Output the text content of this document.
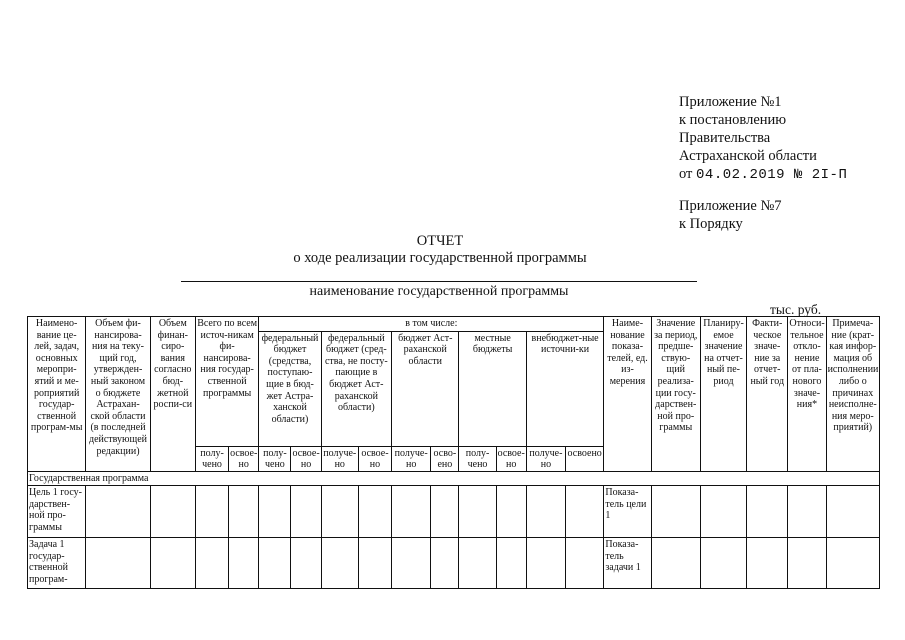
Приложение №1
к постановлению
Правительства
Астраханской области
от 04.02.2019 № 2I-П
Приложение №7
к Порядку
ОТЧЕТ
о ходе реализации государственной программы
наименование государственной программы
тыс. руб.
Наимено-вание це-лей, задач, основных меропри-ятий и ме-роприятий государ-ственной програм-мы	Объем фи-нансирова-ния на теку-щий год, утвержден-ный законом о бюджете Астрахан-ской области (в последней действующей редакции)	Объем финан-сиро-вания согласно бюд-жетной роспи-си	Всего по всем источ-никам фи-нансирова-ния государ-ственной программы		в том числе:										Наиме-нование показа-телей, ед. из-мерения	Значение за период, предше-ствую-щий реализа-ции госу-дарствен-ной про-граммы	Планиру-емое значение на отчет-ный пе-риод	Факти-ческое значе-ние за отчет-ный год	Относи-тельное откло-нение от пла-нового значе-ния*	Примеча-ние (крат-кая инфор-мация об исполнении либо о причинах неисполне-ния меро-приятий)
					федеральный бюджет (средства, поступаю-щие в бюд-жет Астра-ханской области)		федеральный бюджет (сред-ства, не посту-пающие в бюджет Аст-раханской области)		бюджет Аст-раханской области		местные бюджеты		внебюджет-ные источни-ки							
			полу-чено	освое-но	полу-чено	освое-но	получе-но	освое-но	получе-но	осво-ено	полу-чено	освое-но	получе-но	освоено						
Государственная программа																				
Цель 1 госу-дарствен-ной про-граммы															Показа-тель цели 1					
Задача 1 государ-ственной програм-															Показа-тель задачи 1					
